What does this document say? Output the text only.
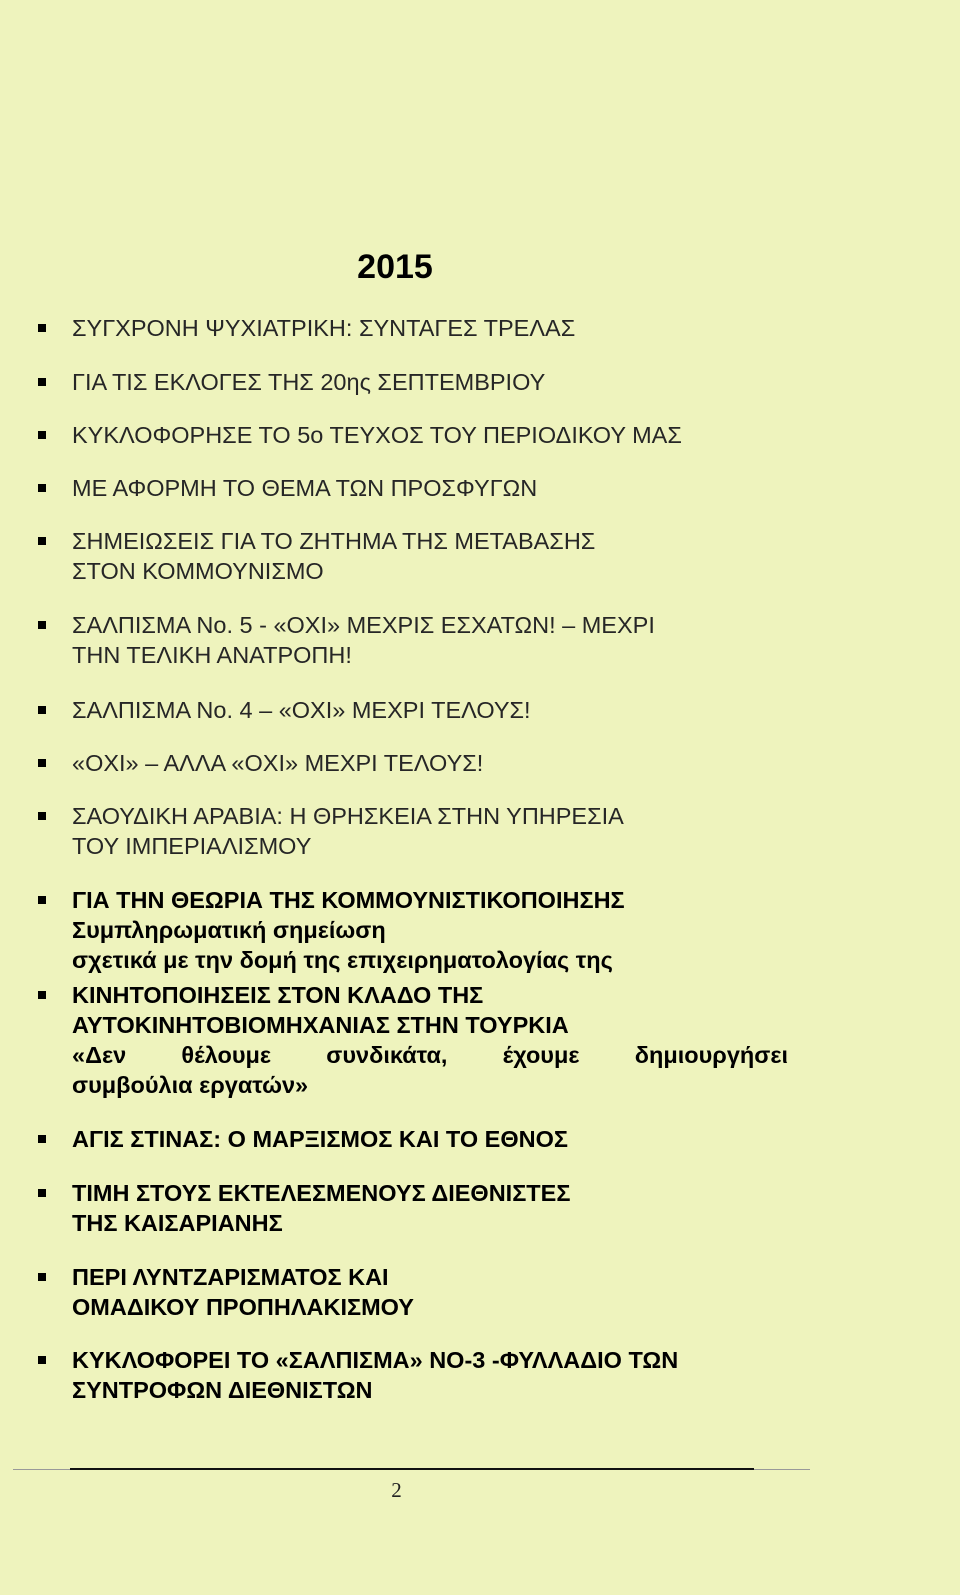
2015
ΣΥΓΧΡΟΝΗ ΨΥΧΙΑΤΡΙΚΗ: ΣΥΝΤΑΓΕΣ ΤΡΕΛΑΣ
ΓΙΑ ΤΙΣ ΕΚΛΟΓΕΣ ΤΗΣ 20ης ΣΕΠΤΕΜΒΡΙΟΥ
ΚΥΚΛΟΦΟΡΗΣΕ ΤΟ 5ο ΤΕΥΧΟΣ ΤΟΥ ΠΕΡΙΟΔΙΚΟΥ ΜΑΣ
ΜΕ ΑΦΟΡΜΗ ΤΟ ΘΕΜΑ ΤΩΝ ΠΡΟΣΦΥΓΩΝ
ΣΗΜΕΙΩΣΕΙΣ ΓΙΑ ΤΟ ΖΗΤΗΜΑ ΤΗΣ ΜΕΤΑΒΑΣΗΣ
ΣΤΟΝ ΚΟΜΜΟΥΝΙΣΜΟ
ΣΑΛΠΙΣΜΑ Νο. 5 - «ΟΧΙ» ΜΕΧΡΙΣ ΕΣΧΑΤΩΝ! – ΜΕΧΡΙ
ΤΗΝ ΤΕΛΙΚΗ ΑΝΑΤΡΟΠΗ!
ΣΑΛΠΙΣΜΑ Νο. 4 – «ΟΧΙ» ΜΕΧΡΙ ΤΕΛΟΥΣ!
«ΟΧΙ» – ΑΛΛΑ «ΟΧΙ» ΜΕΧΡΙ ΤΕΛΟΥΣ!
ΣΑΟΥΔΙΚΗ ΑΡΑΒΙΑ: Η ΘΡΗΣΚΕΙΑ ΣΤΗΝ ΥΠΗΡΕΣΙΑ
ΤΟΥ ΙΜΠΕΡΙΑΛΙΣΜΟΥ
ΓΙΑ ΤΗΝ ΘΕΩΡΙΑ ΤΗΣ ΚΟΜΜΟΥΝΙΣΤΙΚΟΠΟΙΗΣΗΣ
Συμπληρωματική σημείωση
σχετικά με την δομή της επιχειρηματολογίας της
ΚΙΝΗΤΟΠΟΙΗΣΕΙΣ ΣΤΟΝ ΚΛΑΔΟ ΤΗΣ
ΑΥΤΟΚΙΝΗΤΟΒΙΟΜΗΧΑΝΙΑΣ ΣΤΗΝ ΤΟΥΡΚΙΑ
«Δεν θέλουμε συνδικάτα, έχουμε δημιουργήσει
συμβούλια εργατών»
ΑΓΙΣ ΣΤΙΝΑΣ: Ο ΜΑΡΞΙΣΜΟΣ ΚΑΙ ΤΟ ΕΘΝΟΣ
ΤΙΜΗ ΣΤΟΥΣ ΕΚΤΕΛΕΣΜΕΝΟΥΣ ΔΙΕΘΝΙΣΤΕΣ
ΤΗΣ ΚΑΙΣΑΡΙΑΝΗΣ
ΠΕΡΙ ΛΥΝΤΖΑΡΙΣΜΑΤΟΣ ΚΑΙ
ΟΜΑΔΙΚΟΥ ΠΡΟΠΗΛΑΚΙΣΜΟΥ
ΚΥΚΛΟΦΟΡΕΙ ΤΟ «ΣΑΛΠΙΣΜΑ» ΝΟ-3 -ΦΥΛΛΑΔΙΟ ΤΩΝ
ΣΥΝΤΡΟΦΩΝ ΔΙΕΘΝΙΣΤΩΝ
2
